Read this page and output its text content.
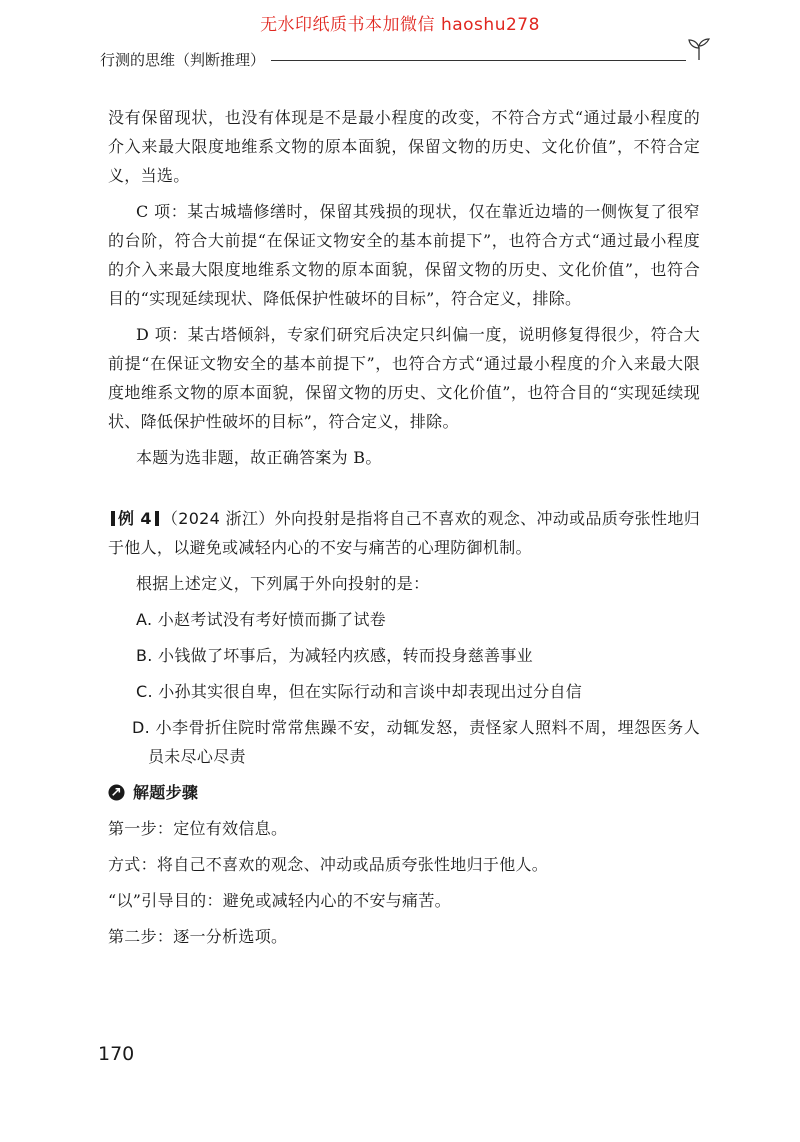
无水印纸质书本加微信 haoshu278
行测的思维（判断推理）

没有保留现状，也没有体现是不是最小程度的改变，不符合方式“通过最小程度的介入来最大限度地维系文物的原本面貌，保留文物的历史、文化价值”，不符合定义，当选。

C 项：某古城墙修缮时，保留其残损的现状，仅在靠近边墙的一侧恢复了很窄的台阶，符合大前提“在保证文物安全的基本前提下”，也符合方式“通过最小程度的介入来最大限度地维系文物的原本面貌，保留文物的历史、文化价值”，也符合目的“实现延续现状、降低保护性破坏的目标”，符合定义，排除。

D 项：某古塔倾斜，专家们研究后决定只纠偏一度，说明修复得很少，符合大前提“在保证文物安全的基本前提下”，也符合方式“通过最小程度的介入来最大限度地维系文物的原本面貌，保留文物的历史、文化价值”，也符合目的“实现延续现状、降低保护性破坏的目标”，符合定义，排除。

本题为选非题，故正确答案为 B。

例 4 （2024 浙江）外向投射是指将自己不喜欢的观念、冲动或品质夸张性地归于他人，以避免或减轻内心的不安与痛苦的心理防御机制。

根据上述定义，下列属于外向投射的是：

A. 小赵考试没有考好愤而撕了试卷

B. 小钱做了坏事后，为减轻内疚感，转而投身慈善事业

C. 小孙其实很自卑，但在实际行动和言谈中却表现出过分自信

D. 小李骨折住院时常常焦躁不安，动辄发怒，责怪家人照料不周，埋怨医务人员未尽心尽责

解题步骤

第一步：定位有效信息。

方式：将自己不喜欢的观念、冲动或品质夸张性地归于他人。

“以”引导目的：避免或减轻内心的不安与痛苦。

第二步：逐一分析选项。

170
